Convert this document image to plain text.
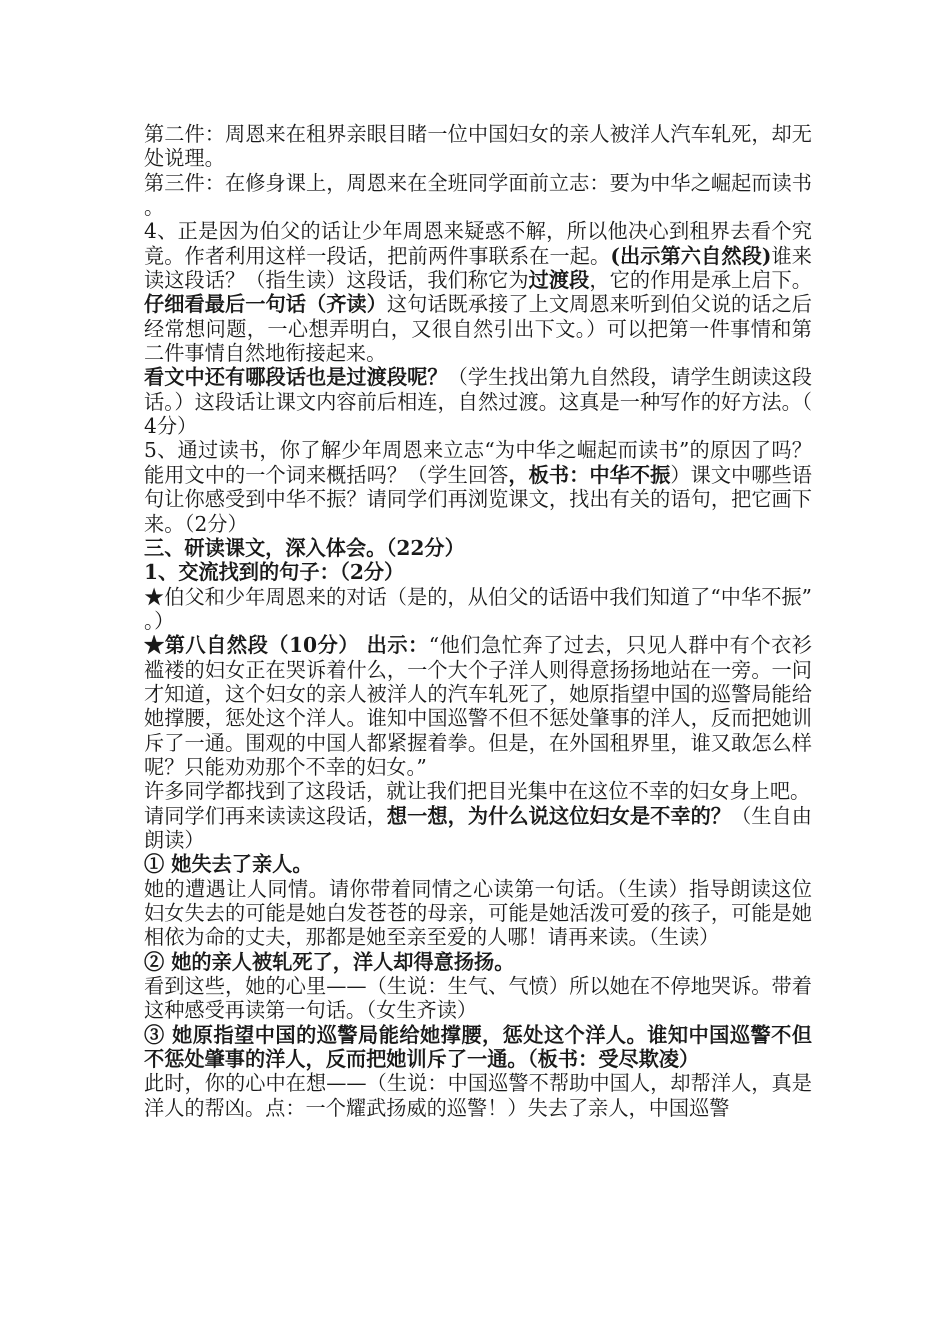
第二件：周恩来在租界亲眼目睹一位中国妇女的亲人被洋人汽车轧死，却无处说理。

第三件：在修身课上，周恩来在全班同学面前立志：要为中华之崛起而读书。

4、正是因为伯父的话让少年周恩来疑惑不解，所以他决心到租界去看个究竟。作者利用这样一段话，把前两件事联系在一起。(出示第六自然段)谁来读这段话？（指生读）这段话，我们称它为过渡段，它的作用是承上启下。仔细看最后一句话（齐读）这句话既承接了上文周恩来听到伯父说的话之后经常想问题，一心想弄明白，又很自然引出下文。）可以把第一件事情和第二件事情自然地衔接起来。

看文中还有哪段话也是过渡段呢？（学生找出第九自然段，请学生朗读这段话。）这段话让课文内容前后相连，自然过渡。这真是一种写作的好方法。（4分）

5、通过读书，你了解少年周恩来立志“为中华之崛起而读书”的原因了吗？能用文中的一个词来概括吗？（学生回答，板书：中华不振）课文中哪些语句让你感受到中华不振？请同学们再浏览课文，找出有关的语句，把它画下来。（2分）

三、研读课文，深入体会。（22分）

1、交流找到的句子：（2分）

★伯父和少年周恩来的对话（是的，从伯父的话语中我们知道了“中华不振”。）

★第八自然段（10分） 出示：“他们急忙奔了过去，只见人群中有个衣衫褴褛的妇女正在哭诉着什么，一个大个子洋人则得意扬扬地站在一旁。一问才知道，这个妇女的亲人被洋人的汽车轧死了，她原指望中国的巡警局能给她撑腰，惩处这个洋人。谁知中国巡警不但不惩处肇事的洋人，反而把她训斥了一通。围观的中国人都紧握着拳。但是，在外国租界里，谁又敢怎么样呢？只能劝劝那个不幸的妇女。”

许多同学都找到了这段话，就让我们把目光集中在这位不幸的妇女身上吧。

请同学们再来读读这段话，想一想，为什么说这位妇女是不幸的？（生自由朗读）

① 她失去了亲人。

她的遭遇让人同情。请你带着同情之心读第一句话。（生读）指导朗读这位妇女失去的可能是她白发苍苍的母亲，可能是她活泼可爱的孩子，可能是她相依为命的丈夫，那都是她至亲至爱的人哪！请再来读。（生读）

② 她的亲人被轧死了，洋人却得意扬扬。

看到这些，她的心里——（生说：生气、气愤）所以她在不停地哭诉。带着这种感受再读第一句话。（女生齐读）

③ 她原指望中国的巡警局能给她撑腰，惩处这个洋人。谁知中国巡警不但不惩处肇事的洋人，反而把她训斥了一通。（板书：受尽欺凌）

此时，你的心中在想——（生说：中国巡警不帮助中国人，却帮洋人，真是洋人的帮凶。点：一个耀武扬威的巡警！）失去了亲人，中国巡警
